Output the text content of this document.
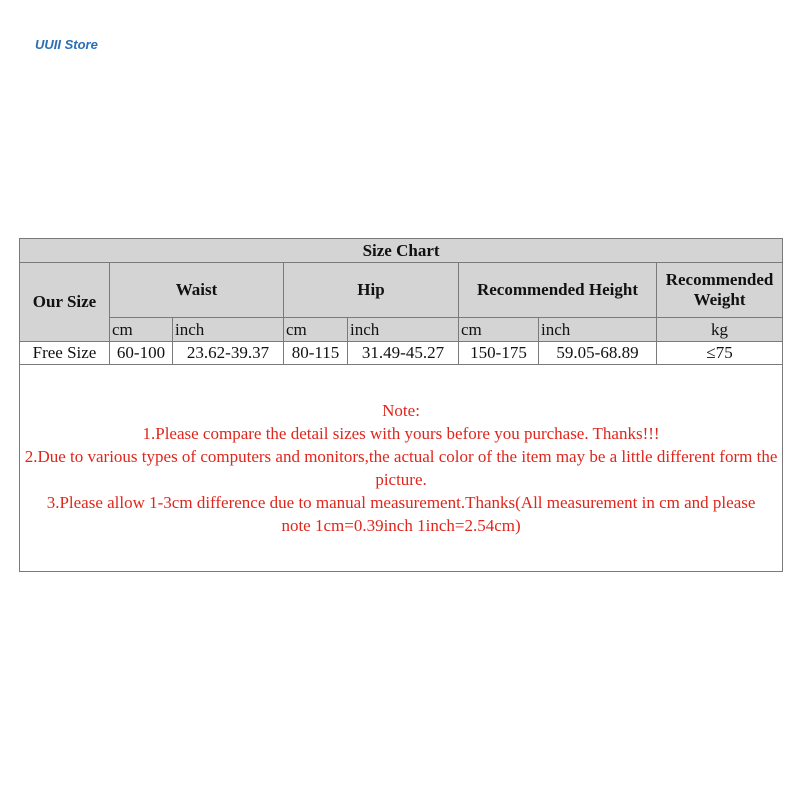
UUII Store
Size Chart							
Our Size	Waist		Hip		Recommended Height		Recommended
Weight
	cm	inch	cm	inch	cm	inch	kg
Free Size	60-100	23.62-39.37	80-115	31.49-45.27	150-175	59.05-68.89	≤75

Note:
1.Please compare the detail sizes with yours before you purchase. Thanks!!!
2.Due to various types of computers and monitors,the actual color of the item may be a little different form the picture.
3.Please allow 1-3cm difference due to manual measurement.Thanks(All measurement in cm and please note 1cm=0.39inch 1inch=2.54cm)							
